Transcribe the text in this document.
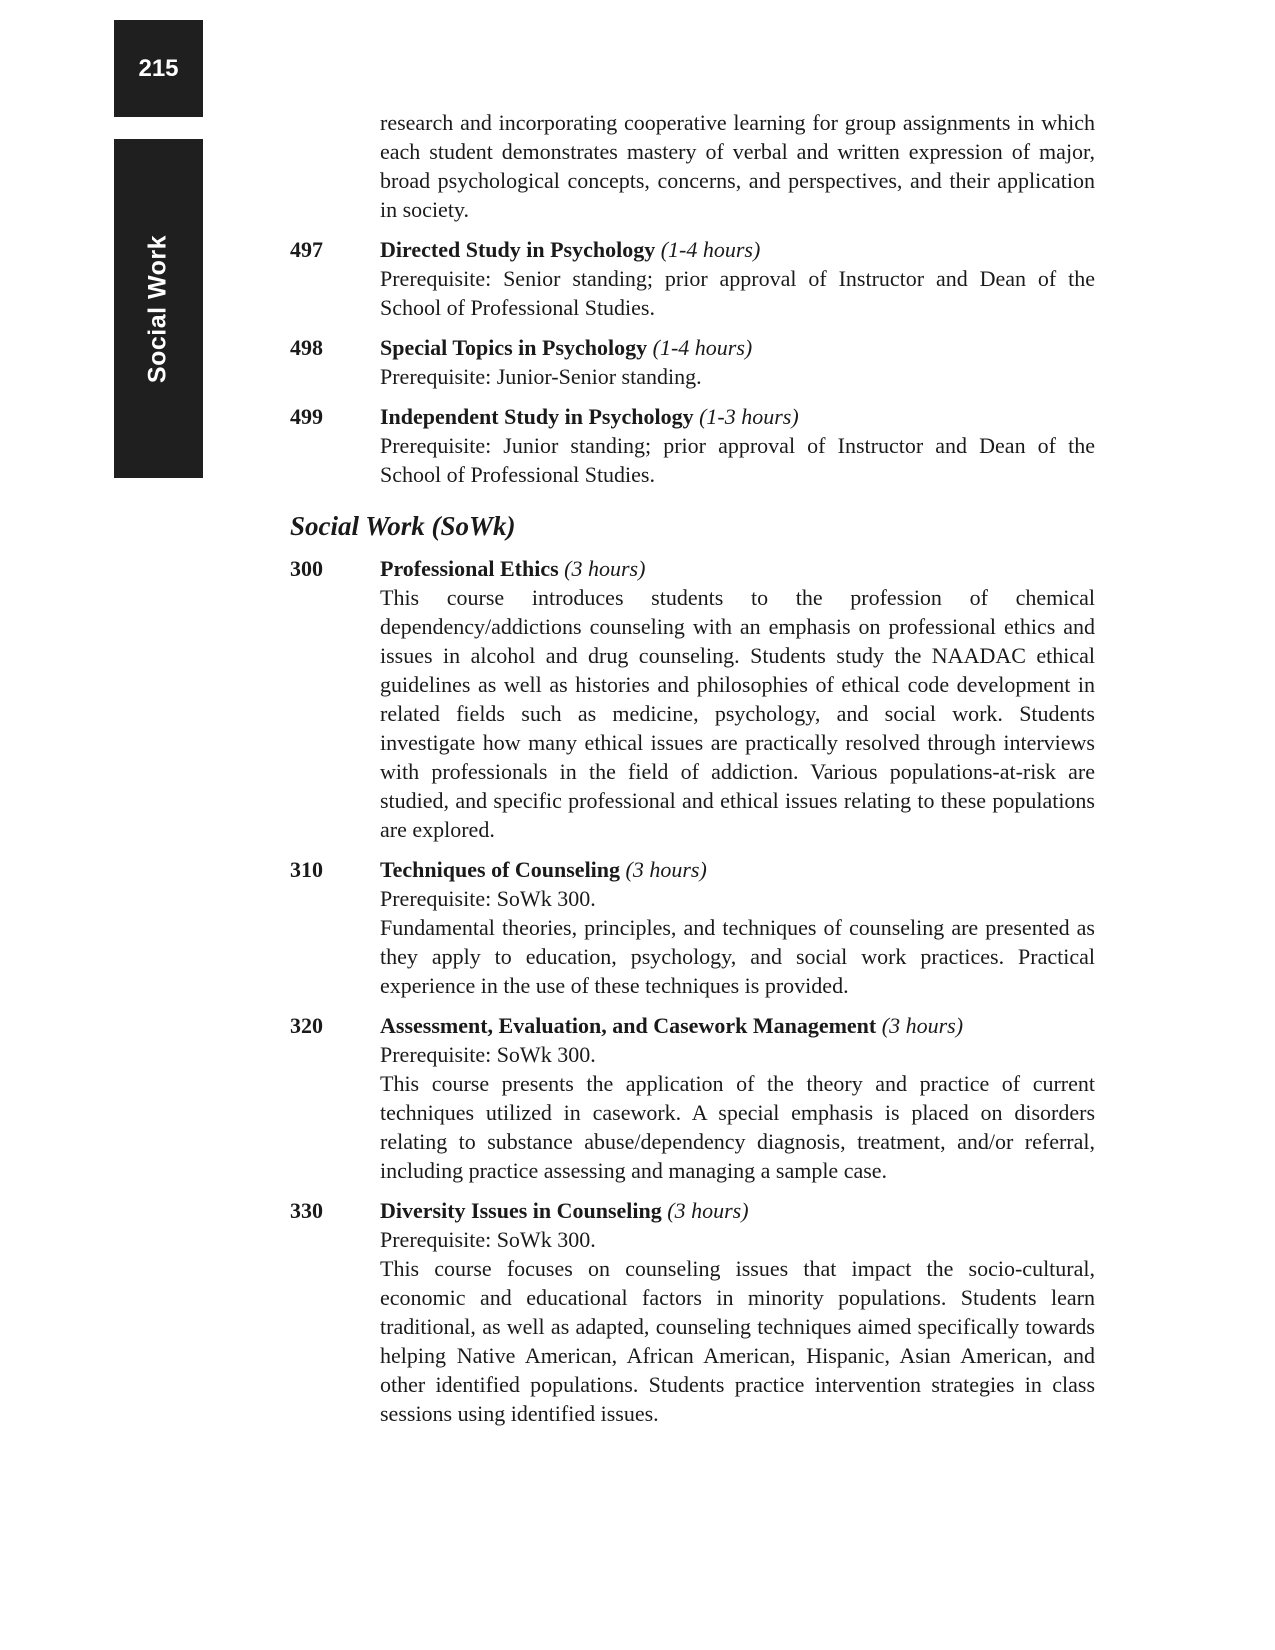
215
Social Work

research and incorporating cooperative learning for group assignments in which each student demonstrates mastery of verbal and written expression of major, broad psychological concepts, concerns, and perspectives, and their application in society.

497	Directed Study in Psychology (1-4 hours)

Prerequisite: Senior standing; prior approval of Instructor and Dean of the School of Professional Studies.

498	Special Topics in Psychology (1-4 hours)

Prerequisite: Junior-Senior standing.

499	Independent Study in Psychology (1-3 hours)

Prerequisite: Junior standing; prior approval of Instructor and Dean of the School of Professional Studies.

Social Work (SoWk)
300	Professional Ethics (3 hours)

This course introduces students to the profession of chemical dependency/addictions counseling with an emphasis on professional ethics and issues in alcohol and drug counseling. Students study the NAADAC ethical guidelines as well as histories and philosophies of ethical code development in related fields such as medicine, psychology, and social work. Students investigate how many ethical issues are practically resolved through interviews with professionals in the field of addiction. Various populations-at-risk are studied, and specific professional and ethical issues relating to these populations are explored.

310	Techniques of Counseling (3 hours)

Prerequisite: SoWk 300.

Fundamental theories, principles, and techniques of counseling are presented as they apply to education, psychology, and social work practices. Practical experience in the use of these techniques is provided.

320	Assessment, Evaluation, and Casework Management (3 hours)

Prerequisite: SoWk 300.

This course presents the application of the theory and practice of current techniques utilized in casework. A special emphasis is placed on disorders relating to substance abuse/dependency diagnosis, treatment, and/or referral, including practice assessing and managing a sample case.

330	Diversity Issues in Counseling (3 hours)

Prerequisite: SoWk 300.

This course focuses on counseling issues that impact the socio-cultural, economic and educational factors in minority populations. Students learn traditional, as well as adapted, counseling techniques aimed specifically towards helping Native American, African American, Hispanic, Asian American, and other identified populations. Students practice intervention strategies in class sessions using identified issues.
